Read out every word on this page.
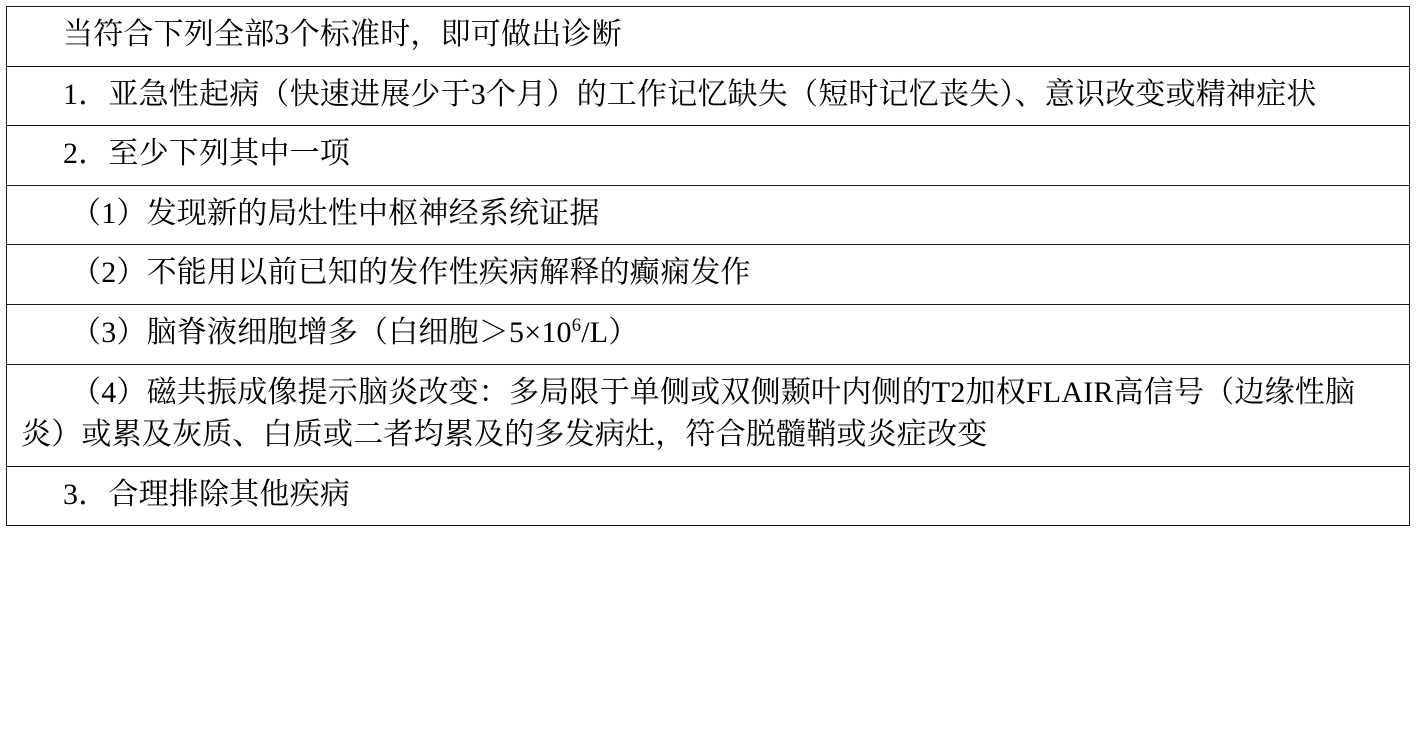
当符合下列全部3个标准时，即可做出诊断

1．亚急性起病（快速进展少于3个月）的工作记忆缺失（短时记忆丧失）、意识改变或精神症状

2．至少下列其中一项

（1）发现新的局灶性中枢神经系统证据

（2）不能用以前已知的发作性疾病解释的癫痫发作

（3）脑脊液细胞增多（白细胞$>5\times 10^6/L$）

（4）磁共振成像提示脑炎改变：多局限于单侧或双侧颞叶内侧的T2加权FLAIR高信号（边缘性脑炎）或累及灰质、白质或二者均累及的多发病灶，符合脱髓鞘或炎症改变

3．合理排除其他疾病
